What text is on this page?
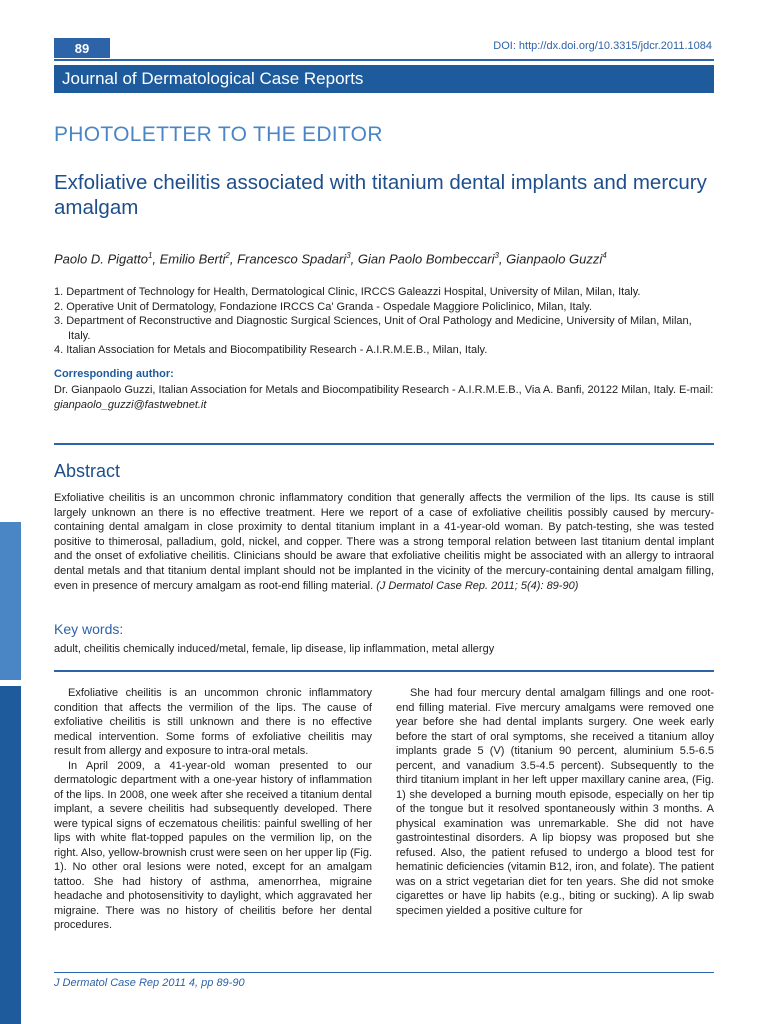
89	DOI: http://dx.doi.org/10.3315/jdcr.2011.1084
Journal of Dermatological Case Reports
PHOTOLETTER TO THE EDITOR
Exfoliative cheilitis associated with titanium dental implants and mercury amalgam
Paolo D. Pigatto$^1$, Emilio Berti$^2$, Francesco Spadari$^3$, Gian Paolo Bombeccari$^3$, Gianpaolo Guzzi$^4$
1. Department of Technology for Health, Dermatological Clinic, IRCCS Galeazzi Hospital, University of Milan, Milan, Italy.
2. Operative Unit of Dermatology, Fondazione IRCCS Ca' Granda - Ospedale Maggiore Policlinico, Milan, Italy.
3. Department of Reconstructive and Diagnostic Surgical Sciences, Unit of Oral Pathology and Medicine, University of Milan, Milan, Italy.
4. Italian Association for Metals and Biocompatibility Research - A.I.R.M.E.B., Milan, Italy.
Corresponding author:
Dr. Gianpaolo Guzzi, Italian Association for Metals and Biocompatibility Research - A.I.R.M.E.B., Via A. Banfi, 20122 Milan, Italy. E-mail: gianpaolo_guzzi@fastwebnet.it
Abstract

Exfoliative cheilitis is an uncommon chronic inflammatory condition that generally affects the vermilion of the lips. Its cause is still largely unknown an there is no effective treatment. Here we report of a case of exfoliative cheilitis possibly caused by mercury-containing dental amalgam in close proximity to dental titanium implant in a 41-year-old woman. By patch-testing, she was tested positive to thimerosal, palladium, gold, nickel, and copper. There was a strong temporal relation between last titanium dental implant and the onset of exfoliative cheilitis. Clinicians should be aware that exfoliative cheilitis might be associated with an allergy to intraoral dental metals and that titanium dental implant should not be implanted in the vicinity of the mercury-containing dental amalgam filling, even in presence of mercury amalgam as root-end filling material. (J Dermatol Case Rep. 2011; 5(4): 89-90)

Key words:
adult, cheilitis chemically induced/metal, female, lip disease, lip inflammation, metal allergy

Exfoliative cheilitis is an uncommon chronic inflammatory condition that affects the vermilion of the lips. The cause of exfoliative cheilitis is still unknown and there is no effective medical intervention. Some forms of exfoliative cheilitis may result from allergy and exposure to intra-oral metals.

In April 2009, a 41-year-old woman presented to our dermatologic department with a one-year history of inflammation of the lips. In 2008, one week after she received a titanium dental implant, a severe cheilitis had subsequently developed. There were typical signs of eczematous cheilitis: painful swelling of her lips with white flat-topped papules on the vermilion lip, on the right. Also, yellow-brownish crust were seen on her upper lip (Fig. 1). No other oral lesions were noted, except for an amalgam tattoo. She had history of asthma, amenorrhea, migraine headache and photosensitivity to daylight, which aggravated her migraine. There was no history of cheilitis before her dental procedures.

She had four mercury dental amalgam fillings and one root-end filling material. Five mercury amalgams were removed one year before she had dental implants surgery. One week early before the start of oral symptoms, she received a titanium alloy implants grade 5 (V) (titanium 90 percent, aluminium 5.5-6.5 percent, and vanadium 3.5-4.5 percent). Subsequently to the third titanium implant in her left upper maxillary canine area, (Fig. 1) she developed a burning mouth episode, especially on her tip of the tongue but it resolved spontaneously within 3 months. A physical examination was unremarkable. She did not have gastrointestinal disorders. A lip biopsy was proposed but she refused. Also, the patient refused to undergo a blood test for hematinic deficiencies (vitamin B12, iron, and folate). The patient was on a strict vegetarian diet for ten years. She did not smoke cigarettes or have lip habits (e.g., biting or sucking). A lip swab specimen yielded a positive culture for

J Dermatol Case Rep 2011 4, pp 89-90
